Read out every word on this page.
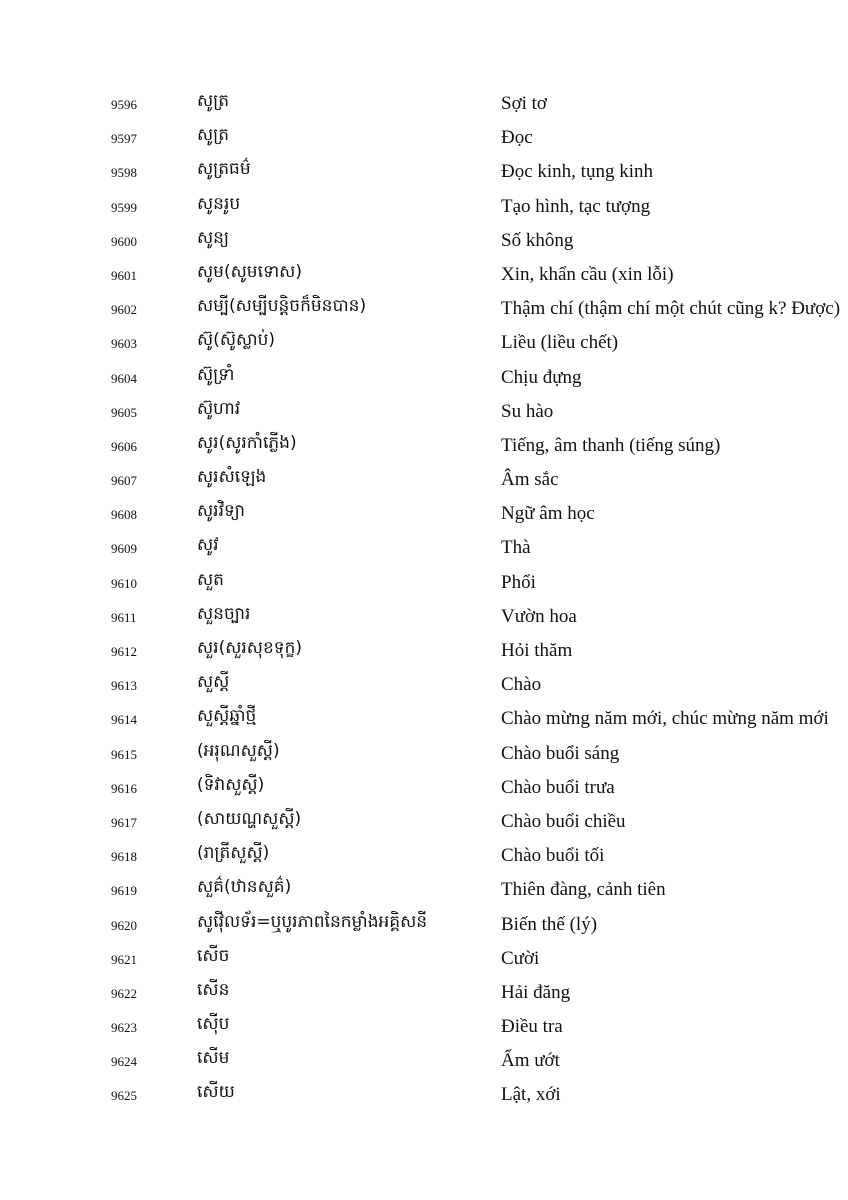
9596	សូត្រ	Sợi tơ
9597	សូត្រ	Đọc
9598	សូត្រធម៌	Đọc kinh, tụng kinh
9599	សូនរូប	Tạo hình, tạc tượng
9600	សូន្យ	Số không
9601	សូម(សូមទោស)	Xin, khẩn cầu (xin lỗi)
9602	សម្បី(សម្បីបន្តិចក៏មិនបាន)	Thậm chí (thậm chí một chút cũng k? Được)
9603	ស៊ូ(ស៊ូស្លាប់)	Liều (liều chết)
9604	ស៊ូទ្រាំ	Chịu đựng
9605	ស៊ូហាវ	Su hào
9606	សូរ(សូរកាំភ្លើង)	Tiếng, âm thanh (tiếng súng)
9607	សូរសំឡេង	Âm sắc
9608	សូរវិទ្យា	Ngữ âm học
9609	សូវ	Thà
9610	សួត	Phổi
9611	សួនច្បារ	Vườn hoa
9612	សួរ(សួរសុខទុក្ខ)	Hỏi thăm
9613	សួស្តី	Chào
9614	សួស្តីឆ្នាំថ្មី	Chào mừng năm mới, chúc mừng năm mới
9615	(អរុណសួស្តី)	Chào buổi sáng
9616	(ទិវាសួស្តី)	Chào buổi trưa
9617	(សាយណ្ហសួស្តី)	Chào buổi chiều
9618	(រាត្រីសួស្តី)	Chào buổi tối
9619	សួគ៌(ឋានសួគ៌)	Thiên đàng, cảnh tiên
9620	សូវ៉ើលទ័រ=ឬបូរភាពនៃកម្លាំងអគ្គិសនី	Biến thế (lý)
9621	សើច	Cười
9622	សើន	Hải đăng
9623	ស៊ើប	Điều tra
9624	សើម	Ẩm ướt
9625	សើយ	Lật, xới
